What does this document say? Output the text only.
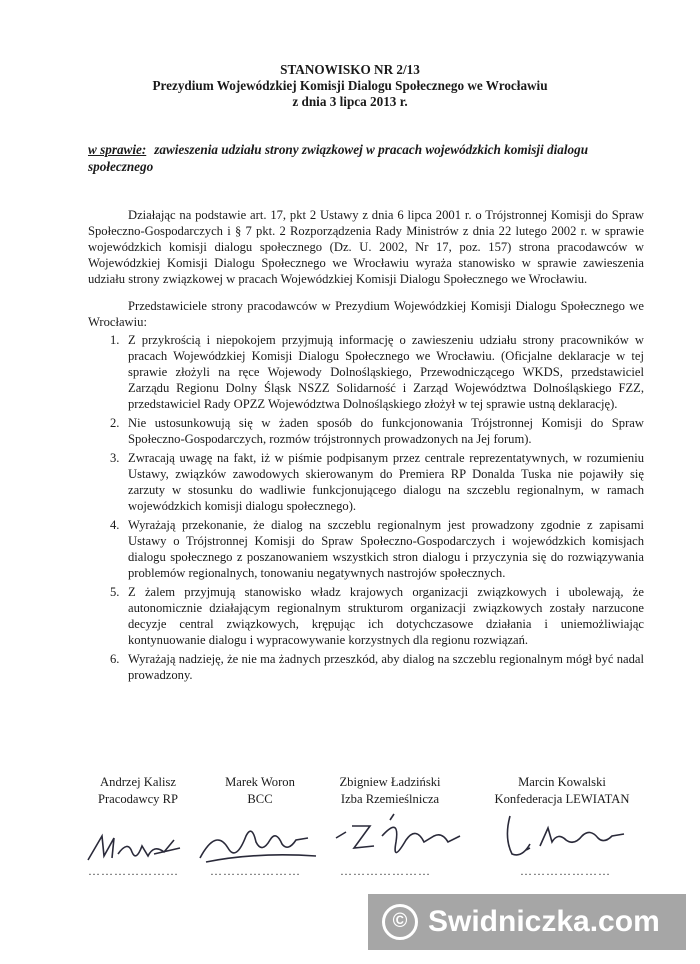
STANOWISKO NR 2/13
Prezydium Wojewódzkiej Komisji Dialogu Społecznego we Wrocławiu
z dnia 3 lipca 2013 r.
w sprawie: zawieszenia udziału strony związkowej w pracach wojewódzkich komisji dialogu społecznego
Działając na podstawie art. 17, pkt 2 Ustawy z dnia 6 lipca 2001 r. o Trójstronnej Komisji do Spraw Społeczno-Gospodarczych i § 7 pkt. 2 Rozporządzenia Rady Ministrów z dnia 22 lutego 2002 r. w sprawie wojewódzkich komisji dialogu społecznego (Dz. U. 2002, Nr 17, poz. 157) strona pracodawców w Wojewódzkiej Komisji Dialogu Społecznego we Wrocławiu wyraża stanowisko w sprawie zawieszenia udziału strony związkowej w pracach Wojewódzkiej Komisji Dialogu Społecznego we Wrocławiu.
Przedstawiciele strony pracodawców w Prezydium Wojewódzkiej Komisji Dialogu Społecznego we Wrocławiu:
1. Z przykrością i niepokojem przyjmują informację o zawieszeniu udziału strony pracowników w pracach Wojewódzkiej Komisji Dialogu Społecznego we Wrocławiu. (Oficjalne deklaracje w tej sprawie złożyli na ręce Wojewody Dolnośląskiego, Przewodniczącego WKDS, przedstawiciel Zarządu Regionu Dolny Śląsk NSZZ Solidarność i Zarząd Województwa Dolnośląskiego FZZ, przedstawiciel Rady OPZZ Województwa Dolnośląskiego złożył w tej sprawie ustną deklarację).
2. Nie ustosunkowują się w żaden sposób do funkcjonowania Trójstronnej Komisji do Spraw Społeczno-Gospodarczych, rozmów trójstronnych prowadzonych na Jej forum).
3. Zwracają uwagę na fakt, iż w piśmie podpisanym przez centrale reprezentatywnych, w rozumieniu Ustawy, związków zawodowych skierowanym do Premiera RP Donalda Tuska nie pojawiły się zarzuty w stosunku do wadliwie funkcjonującego dialogu na szczeblu regionalnym, w ramach wojewódzkich komisji dialogu społecznego).
4. Wyrażają przekonanie, że dialog na szczeblu regionalnym jest prowadzony zgodnie z zapisami Ustawy o Trójstronnej Komisji do Spraw Społeczno-Gospodarczych i wojewódzkich komisjach dialogu społecznego z poszanowaniem wszystkich stron dialogu i przyczynia się do rozwiązywania problemów regionalnych, tonowaniu negatywnych nastrojów społecznych.
5. Z żalem przyjmują stanowisko władz krajowych organizacji związkowych i ubolewają, że autonomicznie działającym regionalnym strukturom organizacji związkowych zostały narzucone decyzje central związkowych, krępując ich dotychczasowe działania i uniemożliwiając kontynuowanie dialogu i wypracowywanie korzystnych dla regionu rozwiązań.
6. Wyrażają nadzieję, że nie ma żadnych przeszkód, aby dialog na szczeblu regionalnym mógł być nadal prowadzony.
Andrzej Kalisz
Pracodawcy RP
Marek Woron
BCC
Zbigniew Ładziński
Izba Rzemieślnicza
Marcin Kowalski
Konfederacja LEWIATAN
…………………	…………………	…………………	…………………
© Swidniczka.com
